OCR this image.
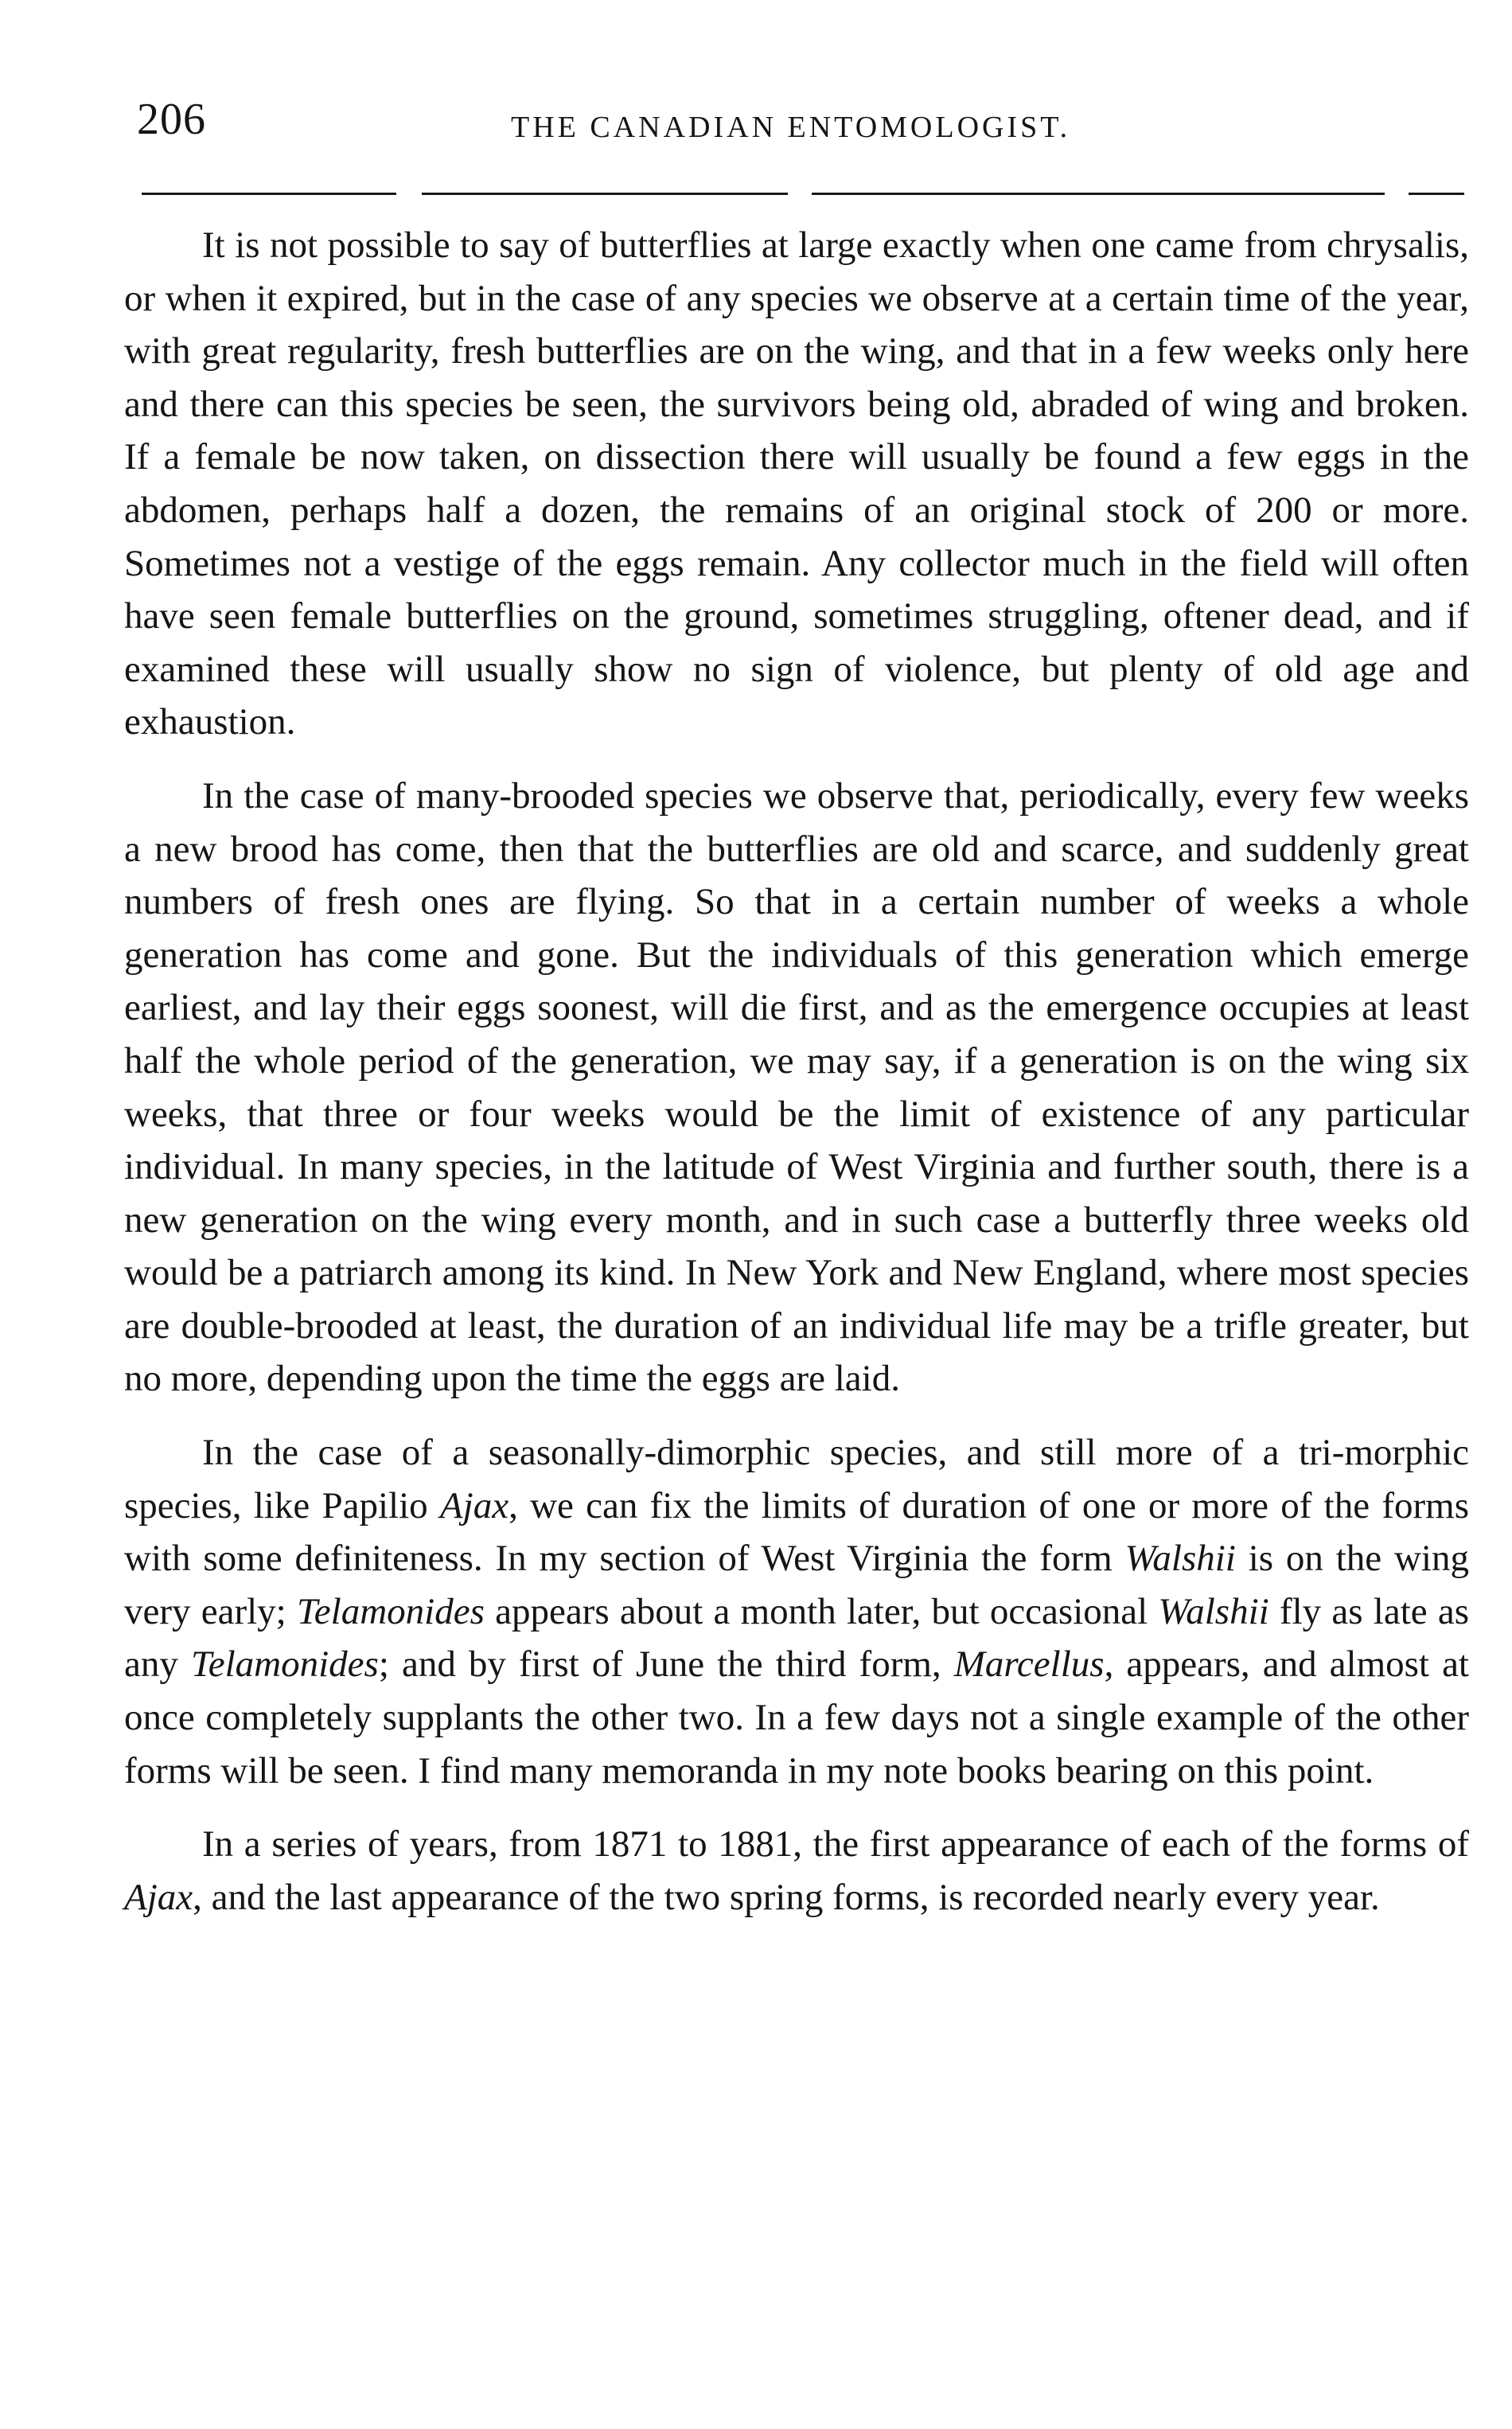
206	THE CANADIAN ENTOMOLOGIST.

It is not possible to say of butterflies at large exactly when one came from chrysalis, or when it expired, but in the case of any species we observe at a certain time of the year, with great regularity, fresh butterflies are on the wing, and that in a few weeks only here and there can this species be seen, the survivors being old, abraded of wing and broken. If a female be now taken, on dissection there will usually be found a few eggs in the abdomen, perhaps half a dozen, the remains of an original stock of 200 or more. Sometimes not a vestige of the eggs remain. Any collector much in the field will often have seen female butterflies on the ground, sometimes struggling, oftener dead, and if examined these will usually show no sign of violence, but plenty of old age and exhaustion.

In the case of many-brooded species we observe that, periodically, every few weeks a new brood has come, then that the butterflies are old and scarce, and suddenly great numbers of fresh ones are flying. So that in a certain number of weeks a whole generation has come and gone. But the individuals of this generation which emerge earliest, and lay their eggs soonest, will die first, and as the emergence occupies at least half the whole period of the generation, we may say, if a generation is on the wing six weeks, that three or four weeks would be the limit of existence of any particular individual. In many species, in the latitude of West Virginia and further south, there is a new generation on the wing every month, and in such case a butterfly three weeks old would be a patriarch among its kind. In New York and New England, where most species are double-brooded at least, the duration of an individual life may be a trifle greater, but no more, depending upon the time the eggs are laid.

In the case of a seasonally-dimorphic species, and still more of a tri-morphic species, like Papilio Ajax, we can fix the limits of duration of one or more of the forms with some definiteness. In my section of West Virginia the form Walshii is on the wing very early; Telamonides appears about a month later, but occasional Walshii fly as late as any Telamonides; and by first of June the third form, Marcellus, appears, and almost at once completely supplants the other two. In a few days not a single example of the other forms will be seen. I find many memoranda in my note books bearing on this point.

In a series of years, from 1871 to 1881, the first appearance of each of the forms of Ajax, and the last appearance of the two spring forms, is recorded nearly every year.
